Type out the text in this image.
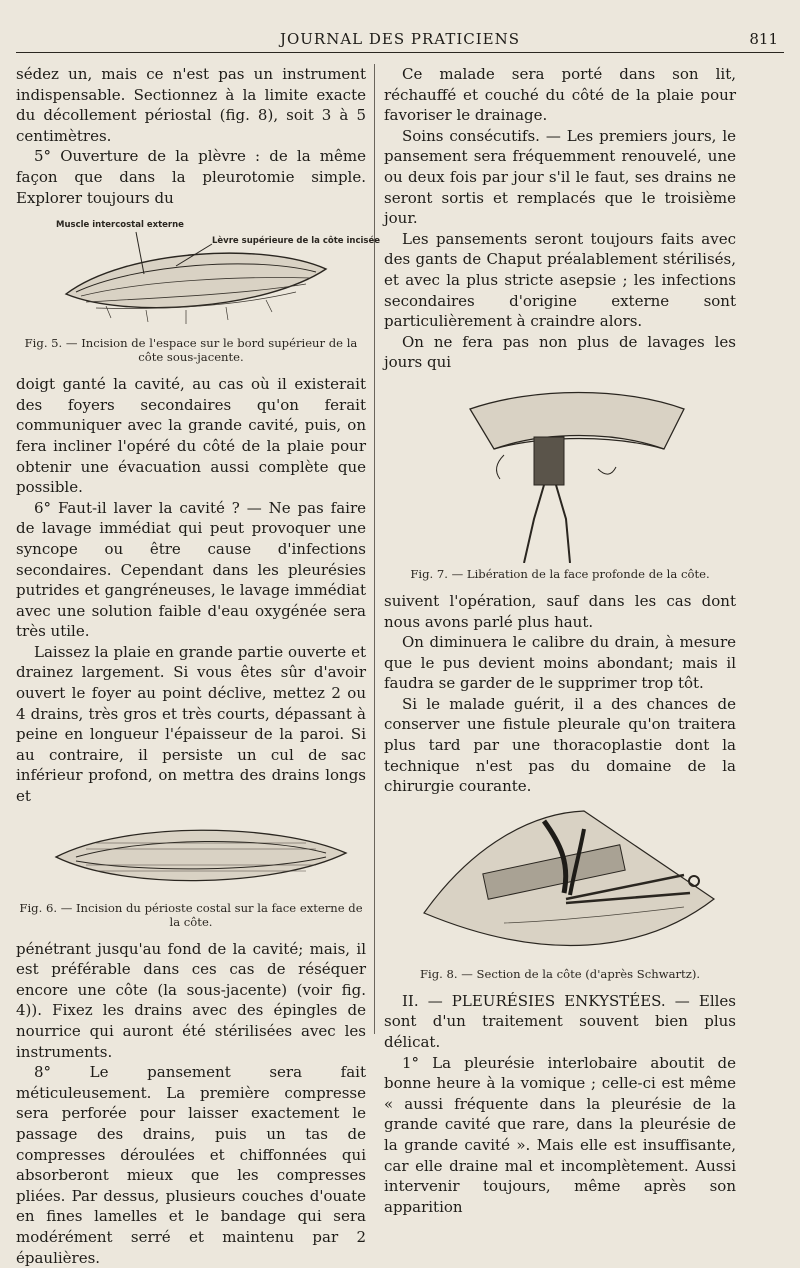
JOURNAL DES PRATICIENS	811

sédez un, mais ce n'est pas un instrument indispensable. Sectionnez à la limite exacte du décollement périostal (fig. 8), soit 3 à 5 centimètres.

5° Ouverture de la plèvre : de la même façon que dans la pleurotomie simple. Explorer toujours du

Muscle intercostal externe
Lèvre supérieure de la côte incisée
Fig. 5. — Incision de l'espace sur le bord supérieur de la côte sous-jacente.

doigt ganté la cavité, au cas où il existerait des foyers secondaires qu'on ferait communiquer avec la grande cavité, puis, on fera incliner l'opéré du côté de la plaie pour obtenir une évacuation aussi complète que possible.

6° Faut-il laver la cavité ? — Ne pas faire de lavage immédiat qui peut provoquer une syncope ou être cause d'infections secondaires. Cependant dans les pleurésies putrides et gangréneuses, le lavage immédiat avec une solution faible d'eau oxygénée sera très utile.

Laissez la plaie en grande partie ouverte et drainez largement. Si vous êtes sûr d'avoir ouvert le foyer au point déclive, mettez 2 ou 4 drains, très gros et très courts, dépassant à peine en longueur l'épaisseur de la paroi. Si au contraire, il persiste un cul de sac inférieur profond, on mettra des drains longs et

Fig. 6. — Incision du périoste costal sur la face externe de la côte.

pénétrant jusqu'au fond de la cavité; mais, il est préférable dans ces cas de réséquer encore une côte (la sous-jacente) (voir fig. 4)). Fixez les drains avec des épingles de nourrice qui auront été stérilisées avec les instruments.

8° Le pansement sera fait méticuleusement. La première compresse sera perforée pour laisser exactement le passage des drains, puis un tas de compresses déroulées et chiffonnées qui absorberont mieux que les compresses pliées. Par dessus, plusieurs couches d'ouate en fines lamelles et le bandage qui sera modérément serré et maintenu par 2 épaulières.

Ce malade sera porté dans son lit, réchauffé et couché du côté de la plaie pour favoriser le drainage.

Soins consécutifs. — Les premiers jours, le pansement sera fréquemment renouvelé, une ou deux fois par jour s'il le faut, ses drains ne seront sortis et remplacés que le troisième jour.

Les pansements seront toujours faits avec des gants de Chaput préalablement stérilisés, et avec la plus stricte asepsie ; les infections secondaires d'origine externe sont particulièrement à craindre alors.

On ne fera pas non plus de lavages les jours qui

Fig. 7. — Libération de la face profonde de la côte.

suivent l'opération, sauf dans les cas dont nous avons parlé plus haut.

On diminuera le calibre du drain, à mesure que le pus devient moins abondant; mais il faudra se garder de le supprimer trop tôt.

Si le malade guérit, il a des chances de conserver une fistule pleurale qu'on traitera plus tard par une thoracoplastie dont la technique n'est pas du domaine de la chirurgie courante.

Fig. 8. — Section de la côte (d'après Schwartz).

II. — PLEURÉSIES ENKYSTÉES. — Elles sont d'un traitement souvent bien plus délicat.

1° La pleurésie interlobaire aboutit de bonne heure à la vomique ; celle-ci est même « aussi fréquente dans la pleurésie de la grande cavité que rare, dans la pleurésie de la grande cavité ». Mais elle est insuffisante, car elle draine mal et incomplètement. Aussi intervenir toujours, même après son apparition
